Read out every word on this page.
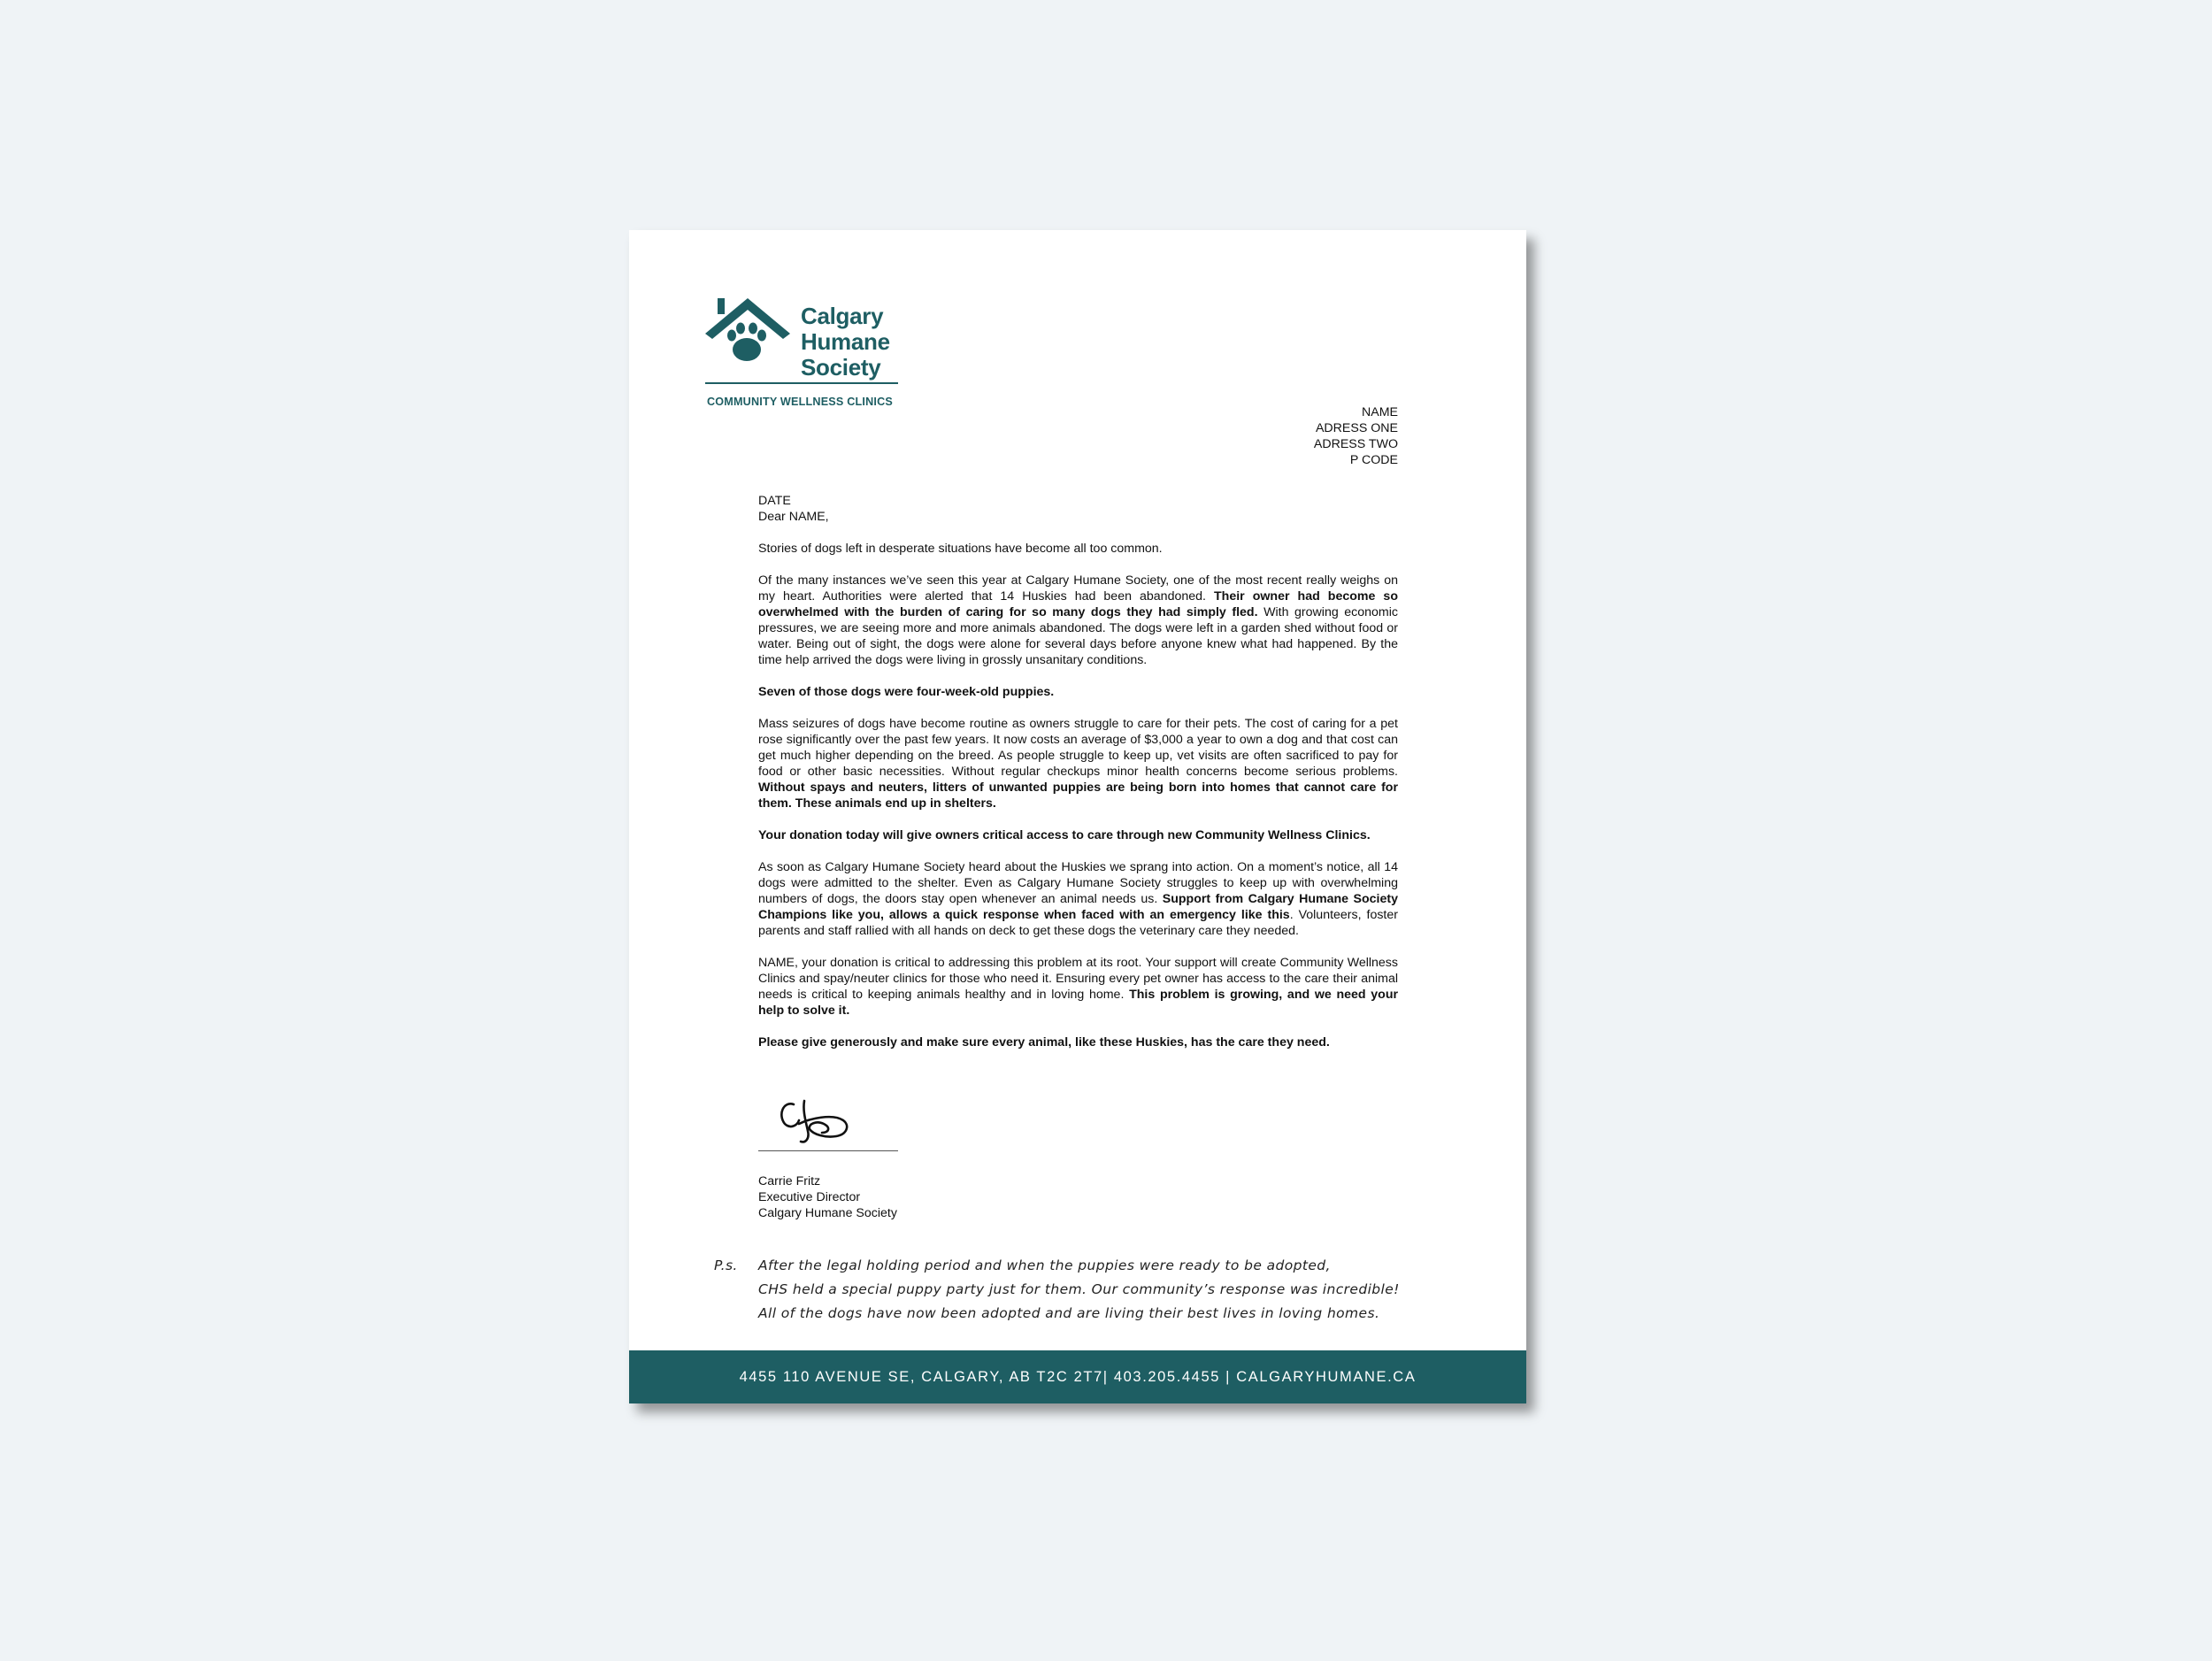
Calgary
Humane
Society
COMMUNITY WELLNESS CLINICS
NAME
ADRESS ONE
ADRESS TWO
P CODE

DATE

Dear NAME,

Stories of dogs left in desperate situations have become all too common.

Of the many instances we’ve seen this year at Calgary Humane Society, one of the most recent really weighs on my heart. Authorities were alerted that 14 Huskies had been abandoned. Their owner had become so overwhelmed with the burden of caring for so many dogs they had simply fled. With growing economic pressures, we are seeing more and more animals abandoned. The dogs were left in a garden shed without food or water. Being out of sight, the dogs were alone for several days before anyone knew what had happened. By the time help arrived the dogs were living in grossly unsanitary conditions.

Seven of those dogs were four-week-old puppies.

Mass seizures of dogs have become routine as owners struggle to care for their pets. The cost of caring for a pet rose significantly over the past few years. It now costs an average of $3,000 a year to own a dog and that cost can get much higher depending on the breed. As people struggle to keep up, vet visits are often sacrificed to pay for food or other basic necessities. Without regular checkups minor health concerns become serious problems. Without spays and neuters, litters of unwanted puppies are being born into homes that cannot care for them. These animals end up in shelters.

Your donation today will give owners critical access to care through new Community Wellness Clinics.

As soon as Calgary Humane Society heard about the Huskies we sprang into action. On a moment’s notice, all 14 dogs were admitted to the shelter. Even as Calgary Humane Society struggles to keep up with overwhelming numbers of dogs, the doors stay open whenever an animal needs us. Support from Calgary Humane Society Champions like you, allows a quick response when faced with an emergency like this. Volunteers, foster parents and staff rallied with all hands on deck to get these dogs the veterinary care they needed.

NAME, your donation is critical to addressing this problem at its root. Your support will create Community Wellness Clinics and spay/neuter clinics for those who need it. Ensuring every pet owner has access to the care their animal needs is critical to keeping animals healthy and in loving home. This problem is growing, and we need your help to solve it.

Please give generously and make sure every animal, like these Huskies, has the care they need.

Carrie Fritz
Executive Director
Calgary Humane Society
P.s. After the legal holding period and when the puppies were ready to be adopted,
CHS held a special puppy party just for them. Our community’s response was incredible!
All of the dogs have now been adopted and are living their best lives in loving homes.
4455 110 AVENUE SE, CALGARY, AB T2C 2T7| 403.205.4455 | CALGARYHUMANE.CA
